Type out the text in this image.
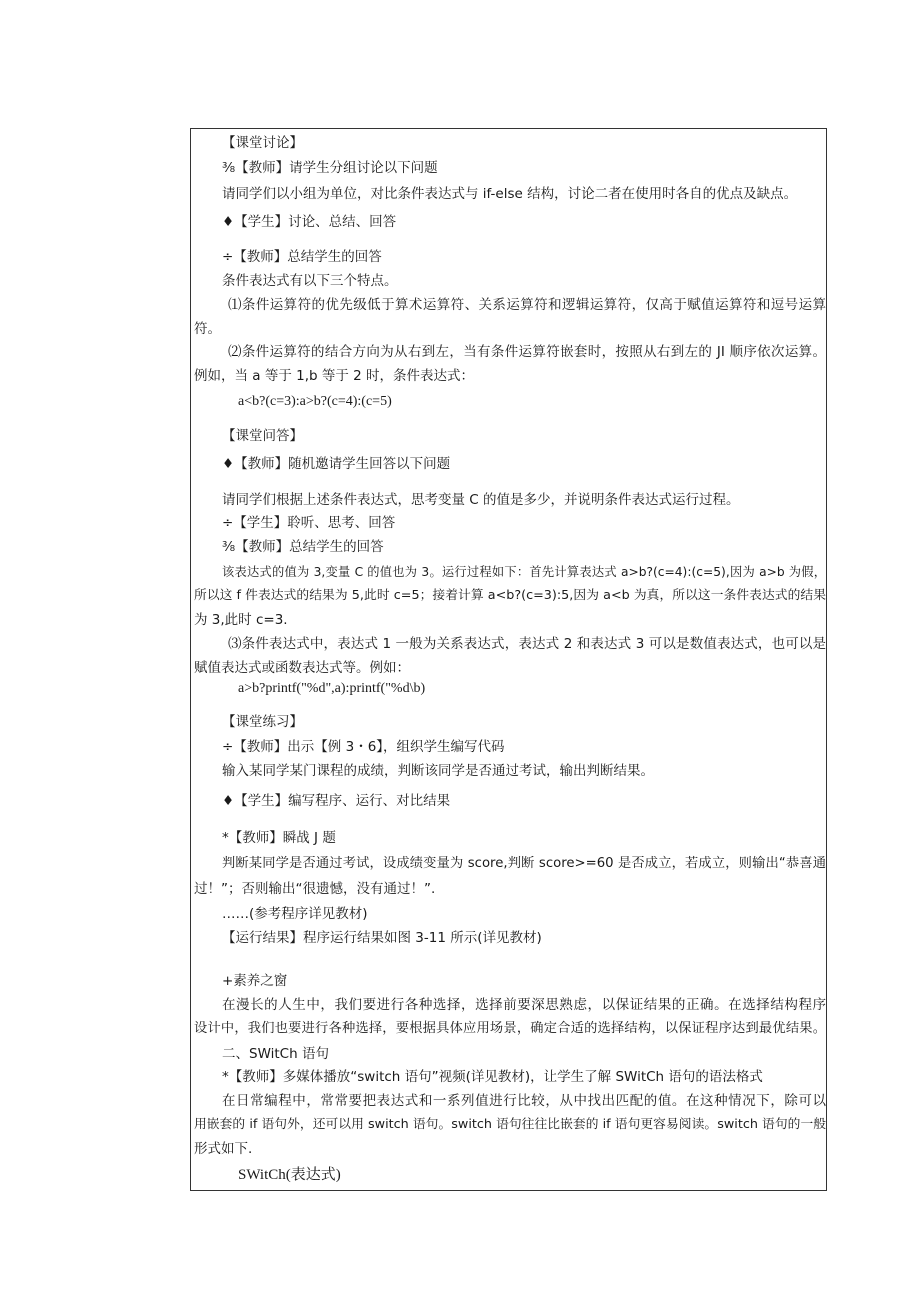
【课堂讨论】

⅜【教师】请学生分组讨论以下问题

请同学们以小组为单位，对比条件表达式与 if-else 结构，讨论二者在使用时各自的优点及缺点。

♦【学生】讨论、总结、回答

÷【教师】总结学生的回答

条件表达式有以下三个特点。

⑴条件运算符的优先级低于算术运算符、关系运算符和逻辑运算符，仅高于赋值运算符和逗号运算

符。

⑵条件运算符的结合方向为从右到左，当有条件运算符嵌套时，按照从右到左的 JI 顺序依次运算。

例如，当 a 等于 1,b 等于 2 时，条件表达式：

a<b?(c=3):a>b?(c=4):(c=5)

【课堂问答】

♦【教师】随机邀请学生回答以下问题

请同学们根据上述条件表达式，思考变量 C 的值是多少，并说明条件表达式运行过程。

÷【学生】聆听、思考、回答

⅜【教师】总结学生的回答

该表达式的值为 3,变量 C 的值也为 3。运行过程如下：首先计算表达式 a>b?(c=4):(c=5),因为 a>b 为假，

所以这 f 件表达式的结果为 5,此时 c=5；接着计算 a<b?(c=3):5,因为 a<b 为真，所以这一条件表达式的结果

为 3,此时 c=3.

⑶条件表达式中，表达式 1 一般为关系表达式，表达式 2 和表达式 3 可以是数值表达式，也可以是

赋值表达式或函数表达式等。例如：

a>b?printf("%d",a):printf("%d\b)

【课堂练习】

÷【教师】出示【例 3・6】，组织学生编写代码

输入某同学某门课程的成绩，判断该同学是否通过考试，输出判断结果。

♦【学生】编写程序、运行、对比结果

*【教师】瞬战 J 题

判断某同学是否通过考试，设成绩变量为 score,判断 score>=60 是否成立，若成立，则输出“恭喜通

过！”；否则输出“很遗憾，没有通过！”.

……(参考程序详见教材)

【运行结果】程序运行结果如图 3-11 所示(详见教材)

+素养之窗

在漫长的人生中，我们要进行各种选择，选择前要深思熟虑，以保证结果的正确。在选择结构程序

设计中，我们也要进行各种选择，要根据具体应用场景，确定合适的选择结构，以保证程序达到最优结果。

二、SWitCh 语句

*【教师】多媒体播放“switch 语句”视频(详见教材)，让学生了解 SWitCh 语句的语法格式

在日常编程中，常常要把表达式和一系列值进行比较，从中找出匹配的值。在这种情况下，除可以

用嵌套的 if 语句外，还可以用 switch 语句。switch 语句往往比嵌套的 if 语句更容易阅读。switch 语句的一般

形式如下.

SWitCh(表达式)
